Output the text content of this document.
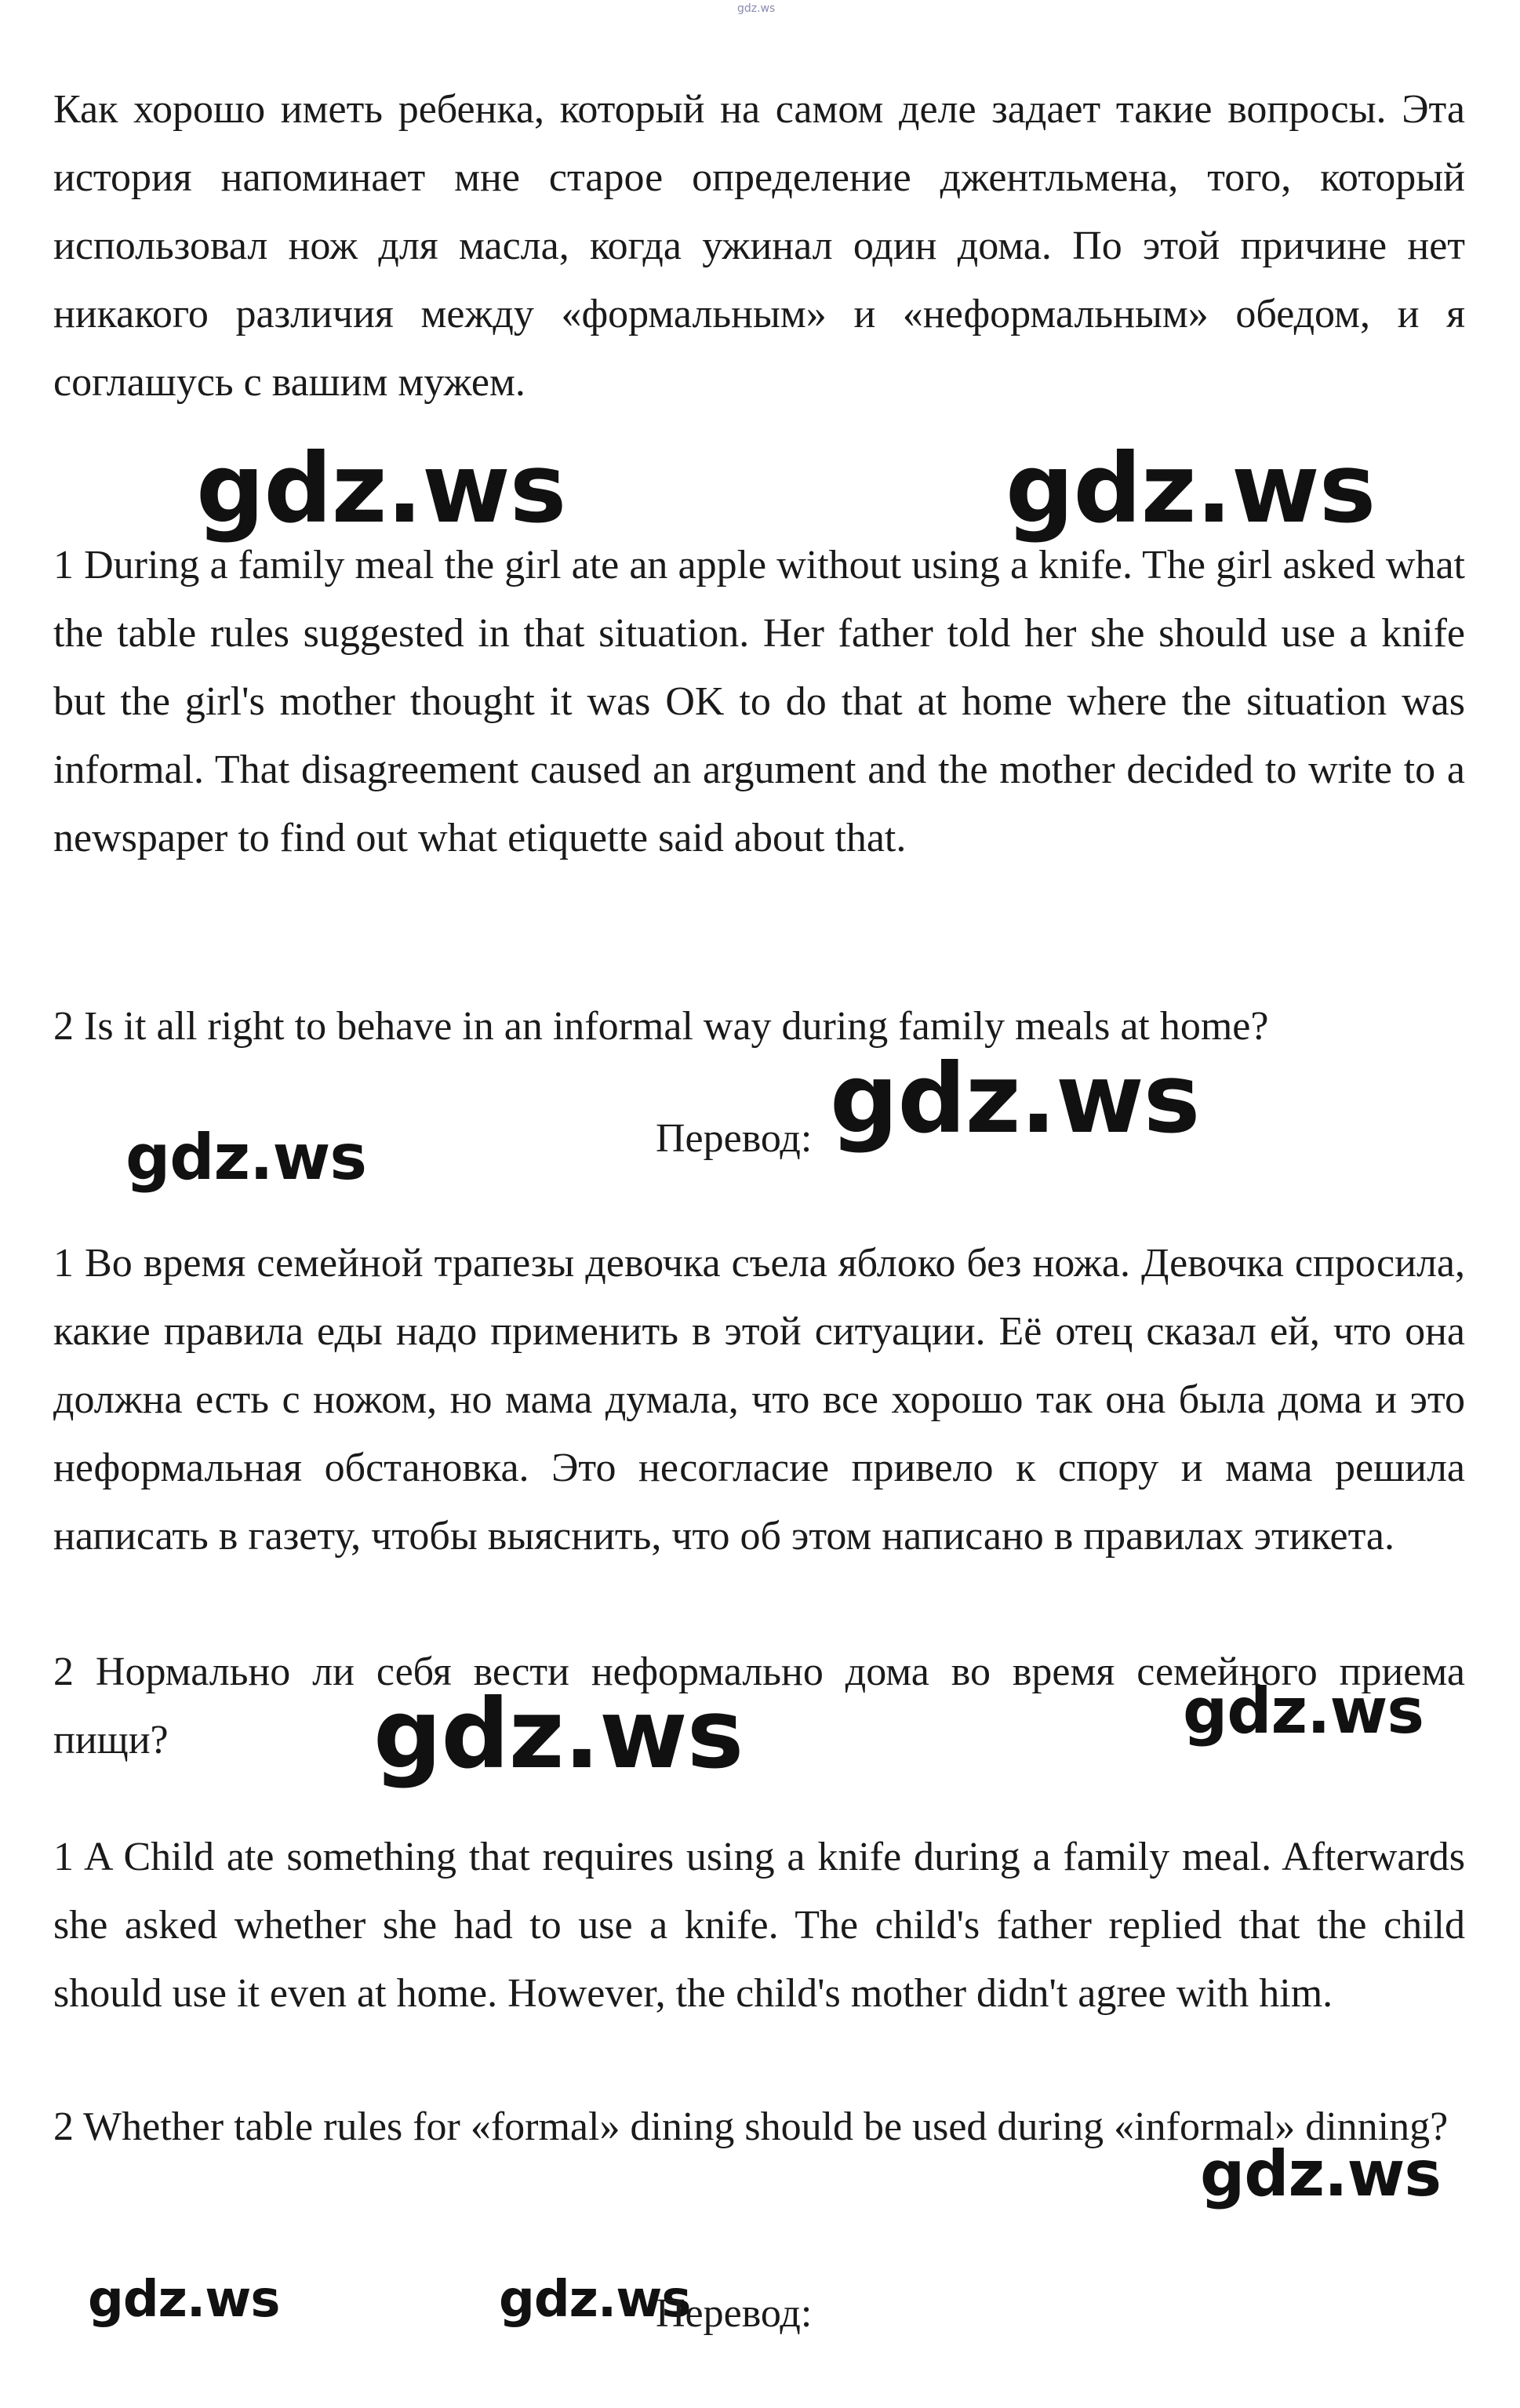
gdz.ws

Как хорошо иметь ребенка, который на самом деле задает такие вопросы. Эта история напоминает мне старое определение джентльмена, того, который использовал нож для масла, когда ужинал один дома. По этой причине нет никакого различия между «формальным» и «неформальным» обедом, и я соглашусь с вашим мужем.

gdz.ws	gdz.ws

1 During a family meal the girl ate an apple without using a knife. The girl asked what the table rules suggested in that situation. Her father told her she should use a knife but the girl's mother thought it was OK to do that at home where the situation was informal. That disagreement caused an argument and the mother decided to write to a newspaper to find out what etiquette said about that.

2 Is it all right to behave in an informal way during family meals at home?

gdz.ws
gdz.ws	Перевод:

1 Во время семейной трапезы девочка съела яблоко без ножа. Девочка спросила, какие правила еды надо применить в этой ситуации. Её отец сказал ей, что она должна есть с ножом, но мама думала, что все хорошо так она была дома и это неформальная обстановка. Это несогласие привело к спору и мама решила написать в газету, чтобы выяснить, что об этом написано в правилах этикета.

2 Нормально ли себя вести неформально дома во время семейного приема пищи?	gdz.ws	gdz.ws

1 A Child ate something that requires using a knife during a family meal. Afterwards she asked whether she had to use a knife. The child's father replied that the child should use it even at home. However, the child's mother didn't agree with him.

2 Whether table rules for «formal» dining should be used during «informal» dinning?

gdz.ws
gdz.ws	gdz.ws
Перевод:
